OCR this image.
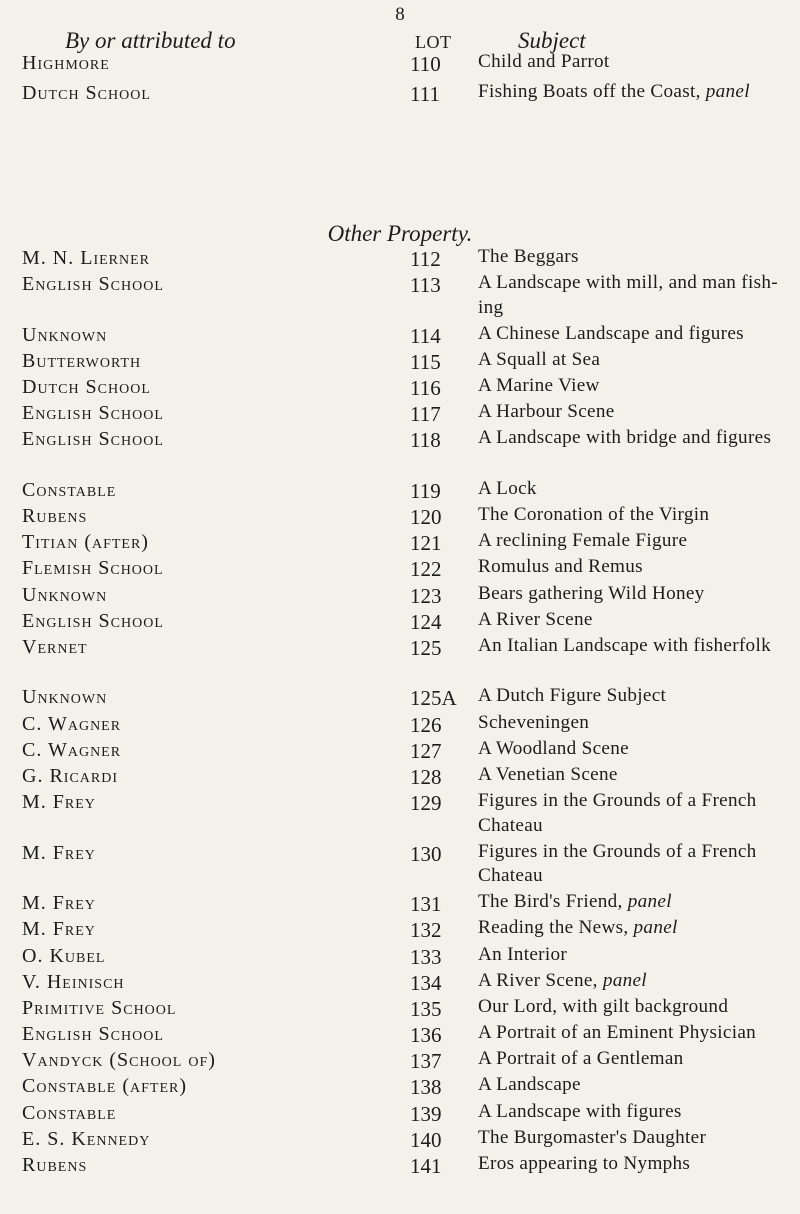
8
By or attributed to	LOT	Subject
Other Property.
Highmore	110	Child and Parrot
Dutch School	111	Fishing Boats off the Coast, panel
M. N. Lierner	112	The Beggars
English School	113	A Landscape with mill, and man fish-ing
Unknown	114	A Chinese Landscape and figures
Butterworth	115	A Squall at Sea
Dutch School	116	A Marine View
English School	117	A Harbour Scene
English School	118	A Landscape with bridge and figures
Constable	119	A Lock
Rubens	120	The Coronation of the Virgin
Titian (after)	121	A reclining Female Figure
Flemish School	122	Romulus and Remus
Unknown	123	Bears gathering Wild Honey
English School	124	A River Scene
Vernet	125	An Italian Landscape with fisherfolk
Unknown	125A	A Dutch Figure Subject
C. Wagner	126	Scheveningen
C. Wagner	127	A Woodland Scene
G. Ricardi	128	A Venetian Scene
M. Frey	129	Figures in the Grounds of a French Chateau
M. Frey	130	Figures in the Grounds of a French Chateau
M. Frey	131	The Bird's Friend, panel
M. Frey	132	Reading the News, panel
O. Kubel	133	An Interior
V. Heinisch	134	A River Scene, panel
Primitive School	135	Our Lord, with gilt background
English School	136	A Portrait of an Eminent Physician
Vandyck (School of)	137	A Portrait of a Gentleman
Constable (after)	138	A Landscape
Constable	139	A Landscape with figures
E. S. Kennedy	140	The Burgomaster's Daughter
Rubens	141	Eros appearing to Nymphs
